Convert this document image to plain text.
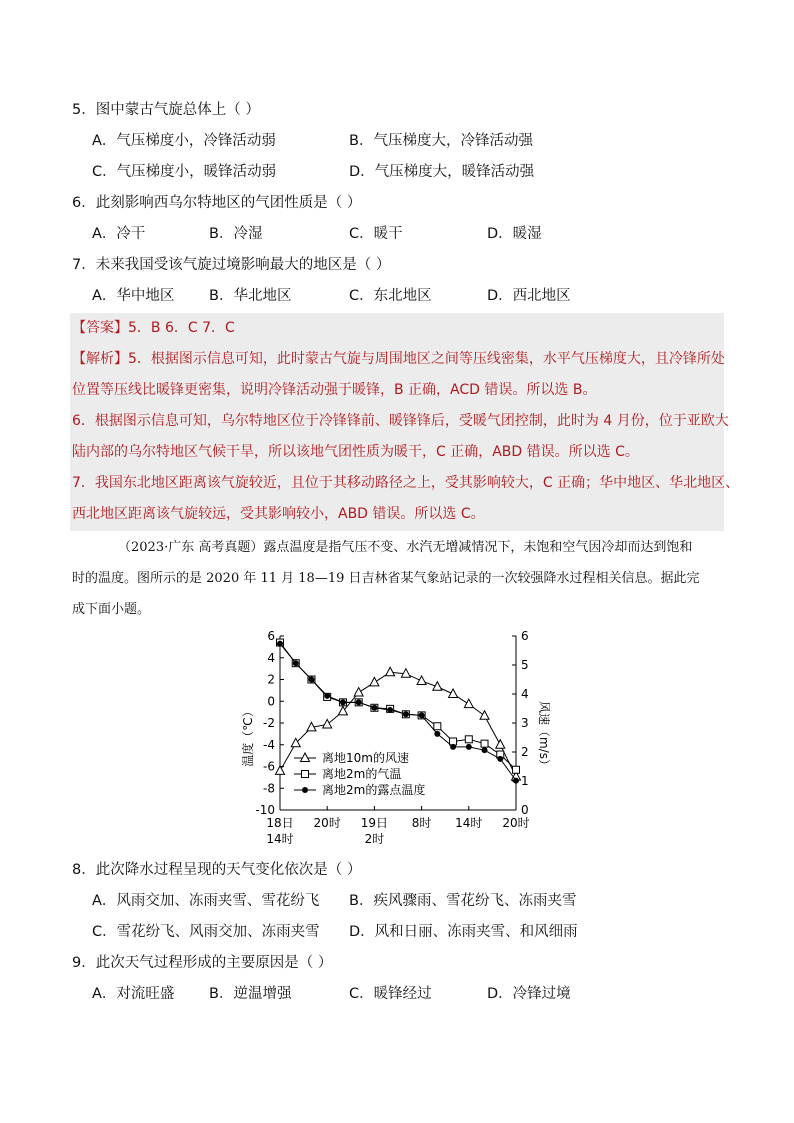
5．图中蒙古气旋总体上（ ）
A．气压梯度小，冷锋活动弱	B．气压梯度大，冷锋活动强
C．气压梯度小，暖锋活动弱	D．气压梯度大，暖锋活动强
6．此刻影响西乌尔特地区的气团性质是（ ）
A．冷干	B．冷湿	C．暖干	D．暖湿
7．未来我国受该气旋过境影响最大的地区是（ ）
A．华中地区 B．华北地区	C．东北地区	D．西北地区
【答案】5．B 6．C 7．C
【解析】5．根据图示信息可知，此时蒙古气旋与周围地区之间等压线密集，水平气压梯度大，且冷锋所处
位置等压线比暖锋更密集，说明冷锋活动强于暖锋，B 正确，ACD 错误。所以选 B。
6．根据图示信息可知，乌尔特地区位于冷锋锋前、暖锋锋后，受暖气团控制，此时为 4 月份，位于亚欧大
陆内部的乌尔特地区气候干旱，所以该地气团性质为暖干，C 正确，ABD 错误。所以选 C。
7．我国东北地区距离该气旋较近，且位于其移动路径之上，受其影响较大，C 正确；华中地区、华北地区、
西北地区距离该气旋较远，受其影响较小，ABD 错误。所以选 C。
（2023·广东 高考真题）露点温度是指气压不变、水汽无增减情况下，未饱和空气因冷却而达到饱和
时的温度。图所示的是 2020 年 11 月 18—19 日吉林省某气象站记录的一次较强降水过程相关信息。据此完
成下面小题。
6
4
2
0
-2
-4
-6
-8
-10
6
5
4
3
2
1
0
18日
14时
20时 19日
2时
8时 14时 20时
离地10m的风速
离地2m的气温
离地2m的露点温度
温度（℃）	风速（m/s）
8．此次降水过程呈现的天气变化依次是（ ）
A．风雨交加、冻雨夹雪、雪花纷飞 B．疾风骤雨、雪花纷飞、冻雨夹雪
C．雪花纷飞、风雨交加、冻雨夹雪 D．风和日丽、冻雨夹雪、和风细雨
9．此次天气过程形成的主要原因是（ ）
A．对流旺盛 B．逆温增强	C．暖锋经过	D．冷锋过境
